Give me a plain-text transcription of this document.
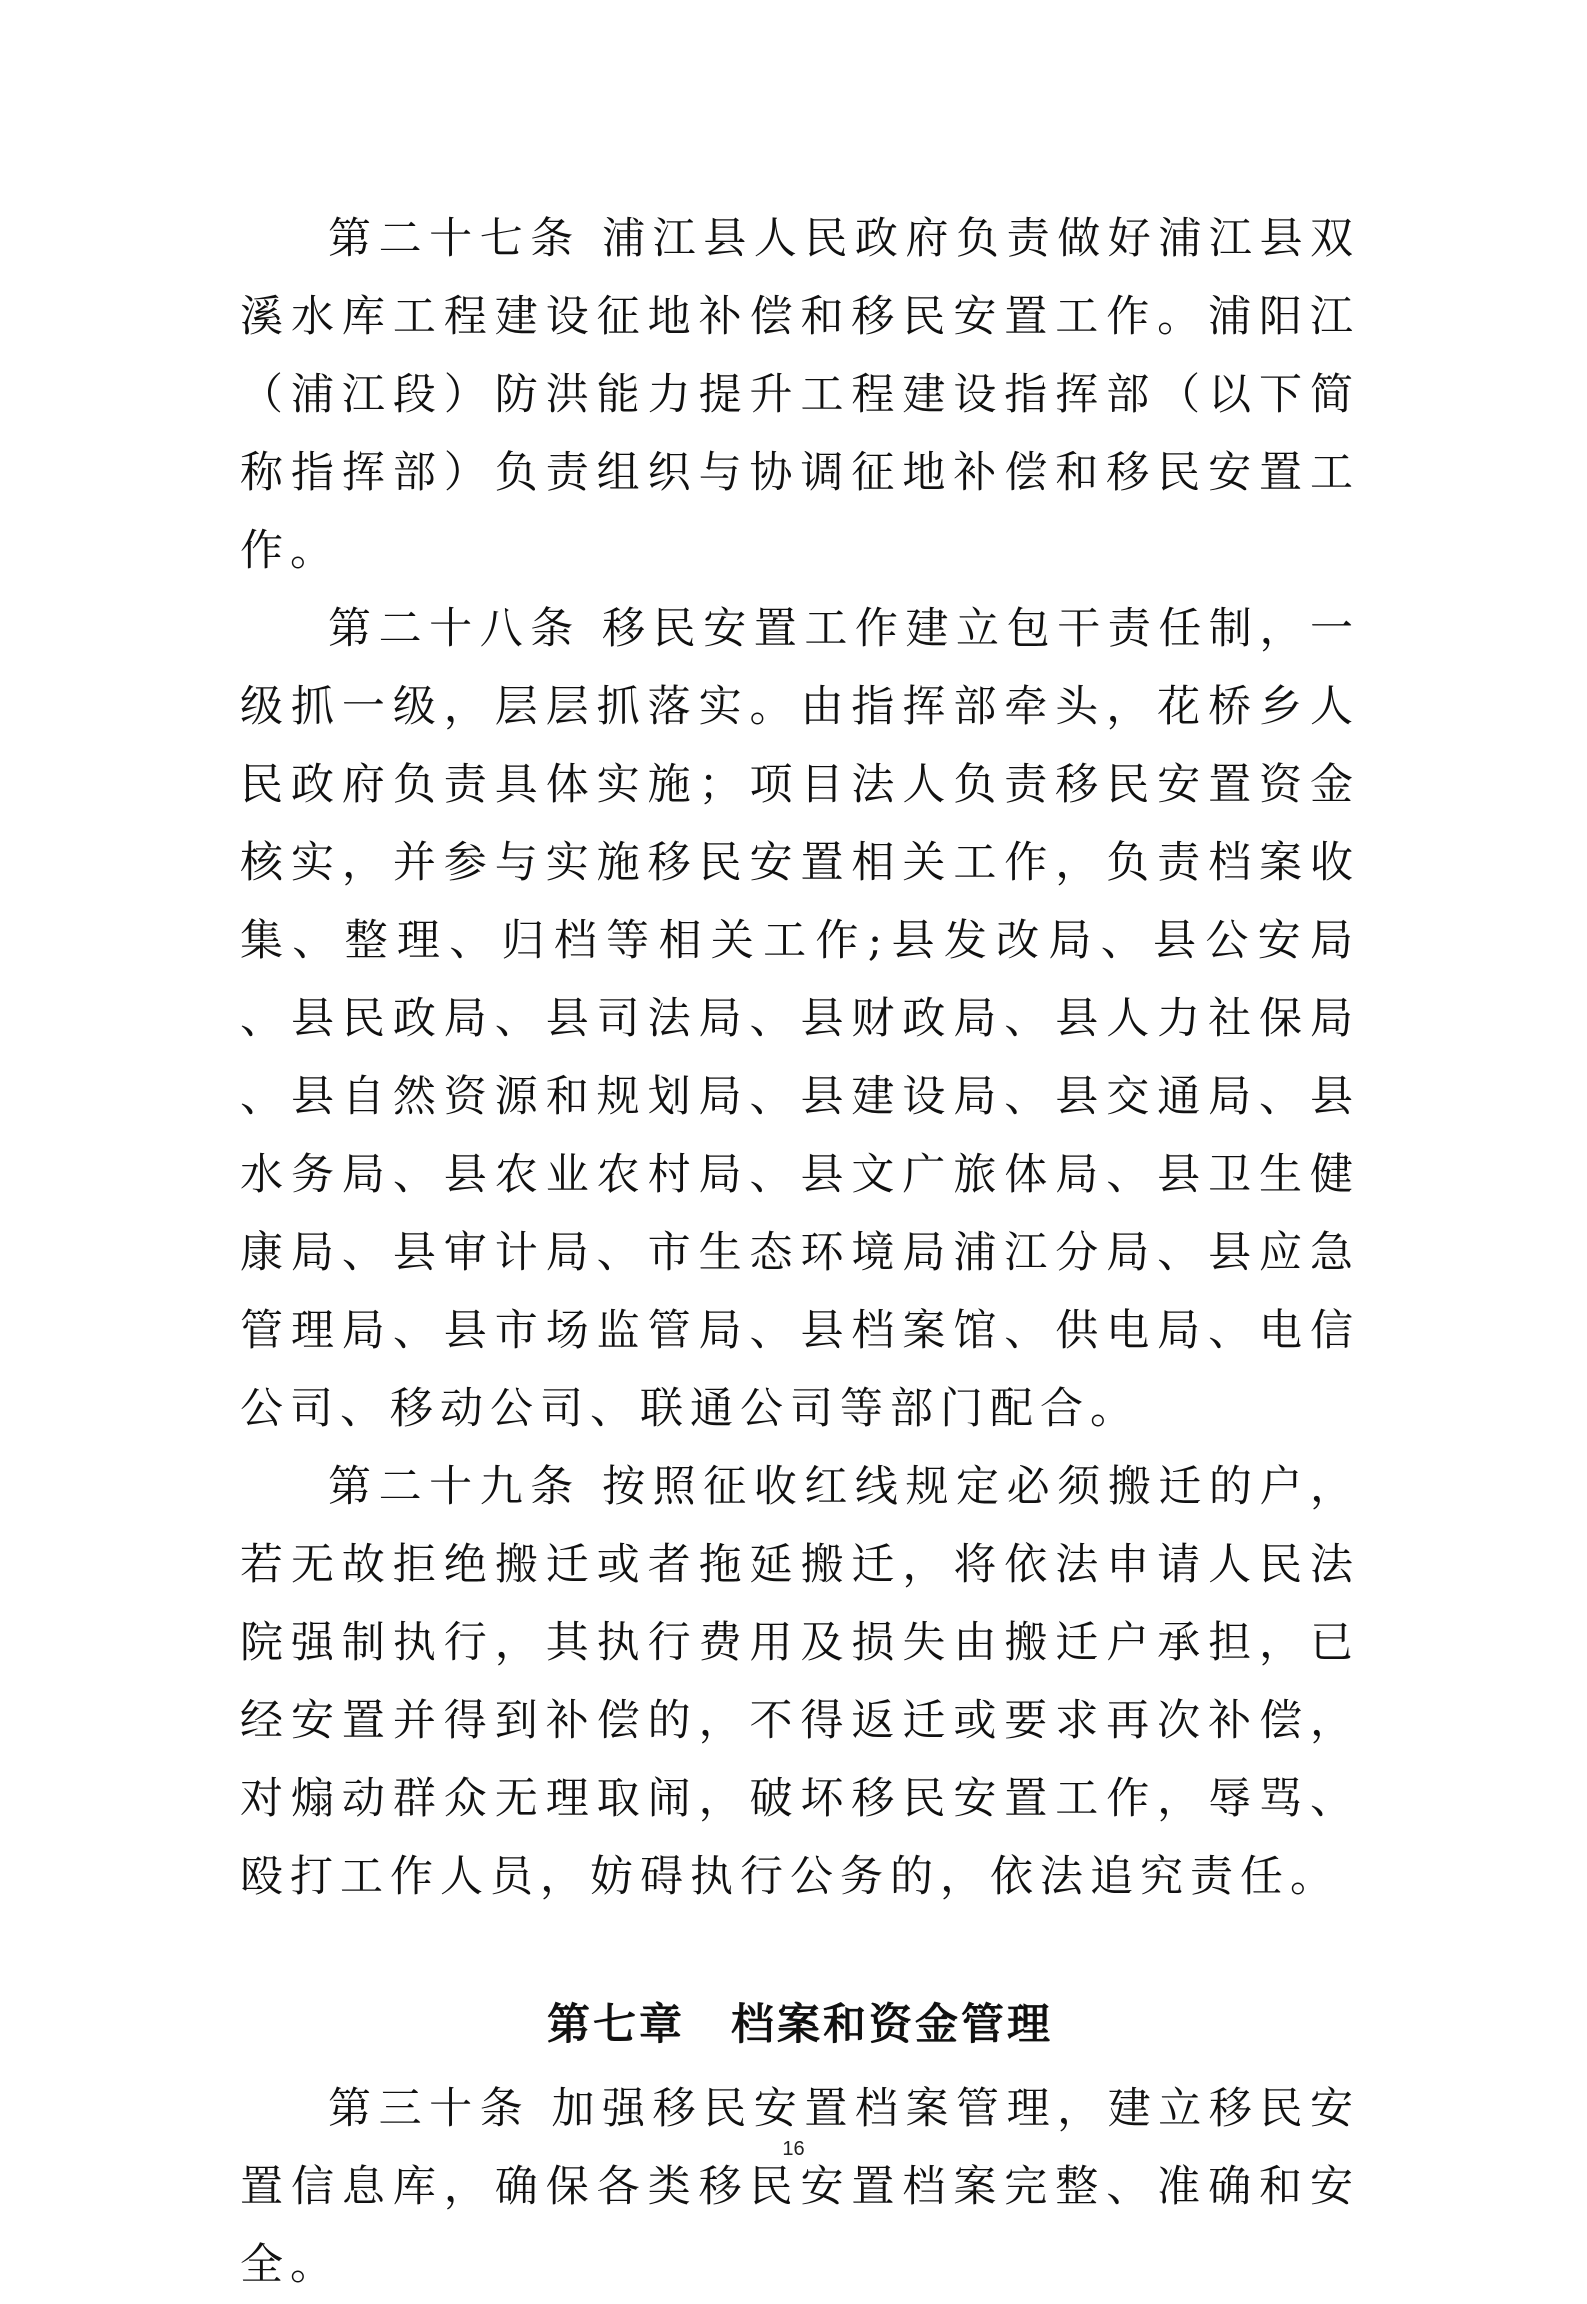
第二十七条 浦江县人民政府负责做好浦江县双溪水库工程建设征地补偿和移民安置工作。浦阳江（浦江段）防洪能力提升工程建设指挥部（以下简称指挥部）负责组织与协调征地补偿和移民安置工作。

第二十八条 移民安置工作建立包干责任制，一级抓一级，层层抓落实。由指挥部牵头，花桥乡人民政府负责具体实施；项目法人负责移民安置资金核实，并参与实施移民安置相关工作，负责档案收集、整理、归档等相关工作;县发改局、县公安局、县民政局、县司法局、县财政局、县人力社保局、县自然资源和规划局、县建设局、县交通局、县水务局、县农业农村局、县文广旅体局、县卫生健康局、县审计局、市生态环境局浦江分局、县应急管理局、县市场监管局、县档案馆、供电局、电信公司、移动公司、联通公司等部门配合。

第二十九条 按照征收红线规定必须搬迁的户，若无故拒绝搬迁或者拖延搬迁，将依法申请人民法院强制执行，其执行费用及损失由搬迁户承担，已经安置并得到补偿的，不得返迁或要求再次补偿，对煽动群众无理取闹，破坏移民安置工作，辱骂、殴打工作人员，妨碍执行公务的，依法追究责任。

第七章　档案和资金管理

第三十条 加强移民安置档案管理，建立移民安置信息库，确保各类移民安置档案完整、准确和安全。

16
